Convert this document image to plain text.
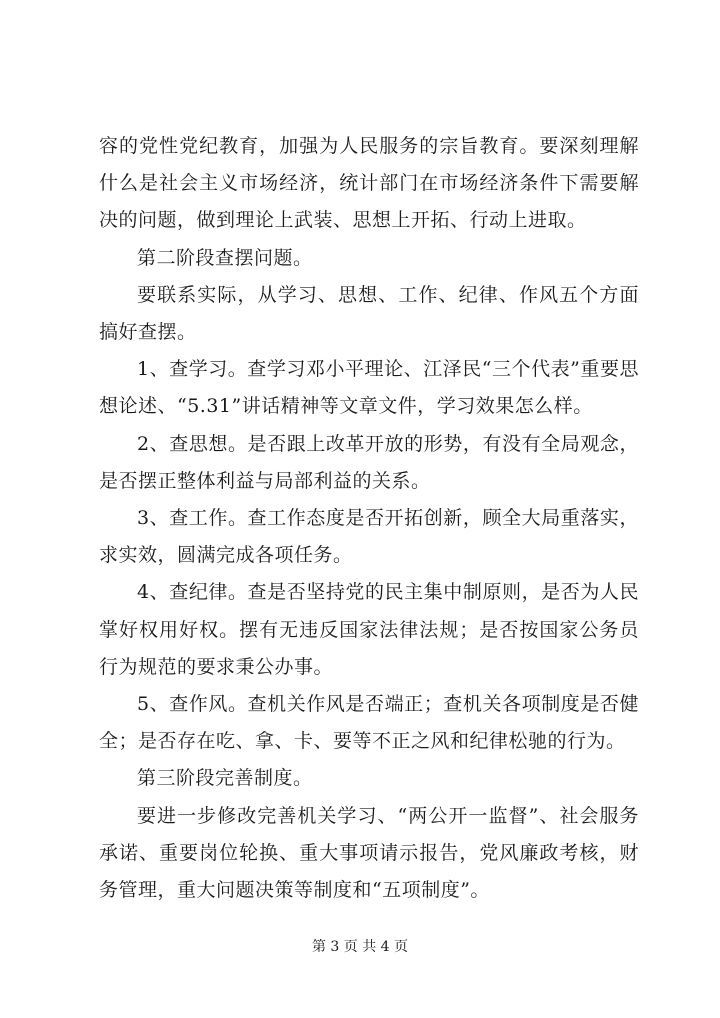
容的党性党纪教育，加强为人民服务的宗旨教育。要深刻理解什么是社会主义市场经济，统计部门在市场经济条件下需要解决的问题，做到理论上武装、思想上开拓、行动上进取。

第二阶段查摆问题。

要联系实际，从学习、思想、工作、纪律、作风五个方面搞好查摆。

1、查学习。查学习邓小平理论、江泽民“三个代表”重要思想论述、“5.31”讲话精神等文章文件，学习效果怎么样。

2、查思想。是否跟上改革开放的形势，有没有全局观念，是否摆正整体利益与局部利益的关系。

3、查工作。查工作态度是否开拓创新，顾全大局重落实，求实效，圆满完成各项任务。

4、查纪律。查是否坚持党的民主集中制原则，是否为人民掌好权用好权。摆有无违反国家法律法规；是否按国家公务员行为规范的要求秉公办事。

5、查作风。查机关作风是否端正；查机关各项制度是否健全；是否存在吃、拿、卡、要等不正之风和纪律松驰的行为。

第三阶段完善制度。

要进一步修改完善机关学习、“两公开一监督”、社会服务承诺、重要岗位轮换、重大事项请示报告，党风廉政考核，财务管理，重大问题决策等制度和“五项制度”。

第 3 页 共 4 页
